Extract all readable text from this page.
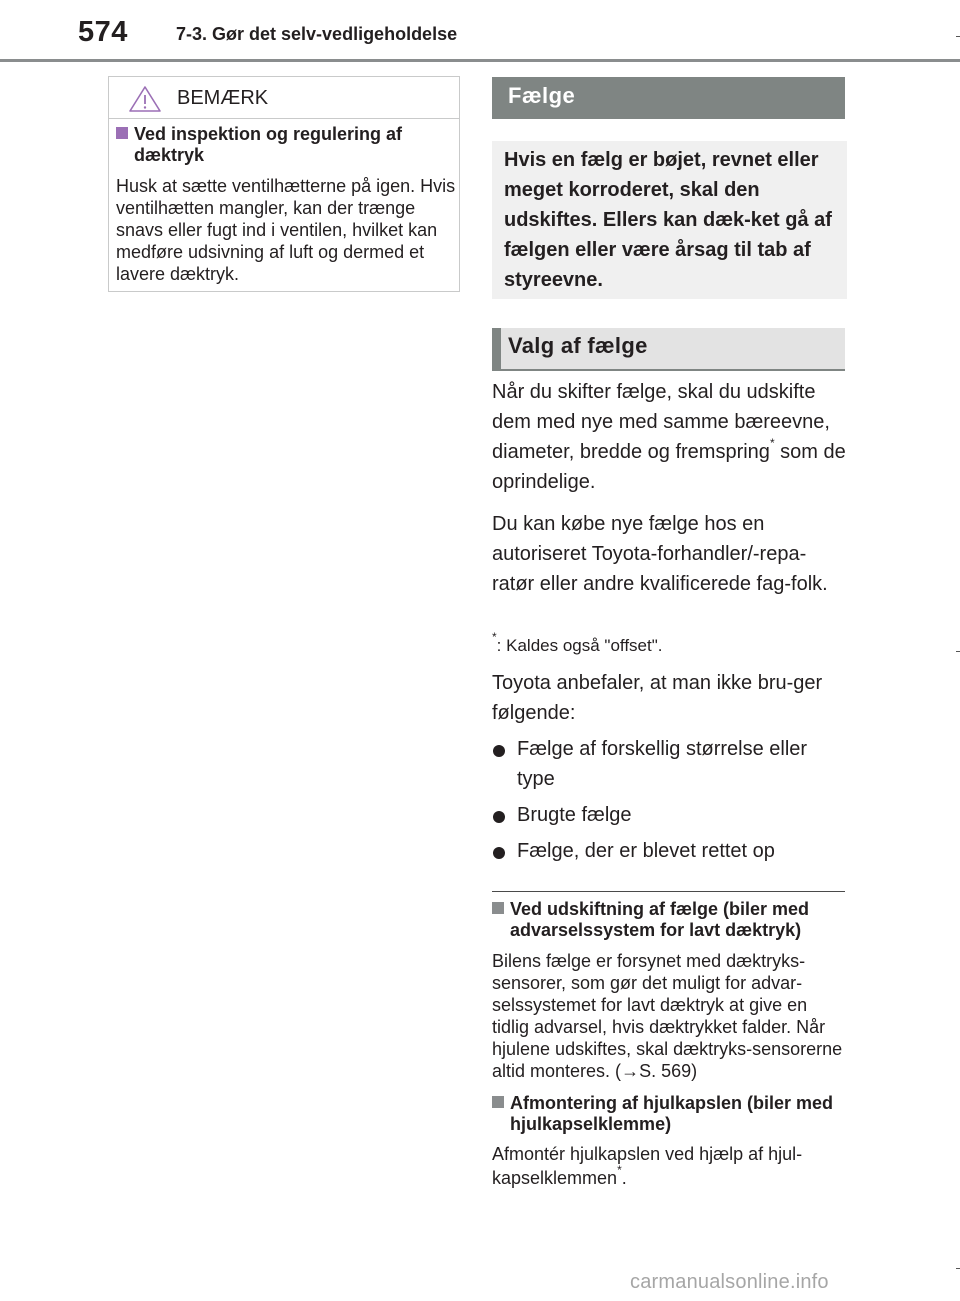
574	7-3. Gør det selv-vedligeholdelse
BEMÆRK
Ved inspektion og regulering af dæktryk
Husk at sætte ventilhætterne på igen. Hvis ventilhætten mangler, kan der trænge snavs eller fugt ind i ventilen, hvilket kan medføre udsivning af luft og dermed et lavere dæktryk.
Fælge
Hvis en fælg er bøjet, revnet eller meget korroderet, skal den udskiftes. Ellers kan dæk-ket gå af fælgen eller være årsag til tab af styreevne.
Valg af fælge
Når du skifter fælge, skal du udskifte dem med nye med samme bæreevne, diameter, bredde og fremspring* som de oprindelige.
Du kan købe nye fælge hos en autoriseret Toyota-forhandler/-repa-ratør eller andre kvalificerede fag-folk.
*: Kaldes også "offset".
Toyota anbefaler, at man ikke bru-ger følgende:
Fælge af forskellig størrelse eller type
Brugte fælge
Fælge, der er blevet rettet op
Ved udskiftning af fælge (biler med advarselssystem for lavt dæktryk)
Bilens fælge er forsynet med dæktryks-sensorer, som gør det muligt for advar-selssystemet for lavt dæktryk at give en tidlig advarsel, hvis dæktrykket falder. Når hjulene udskiftes, skal dæktryks-sensorerne altid monteres. (→S. 569)
Afmontering af hjulkapslen (biler med hjulkapselklemme)
Afmontér hjulkapslen ved hjælp af hjul-kapselklemmen*.
carmanualsonline.info
